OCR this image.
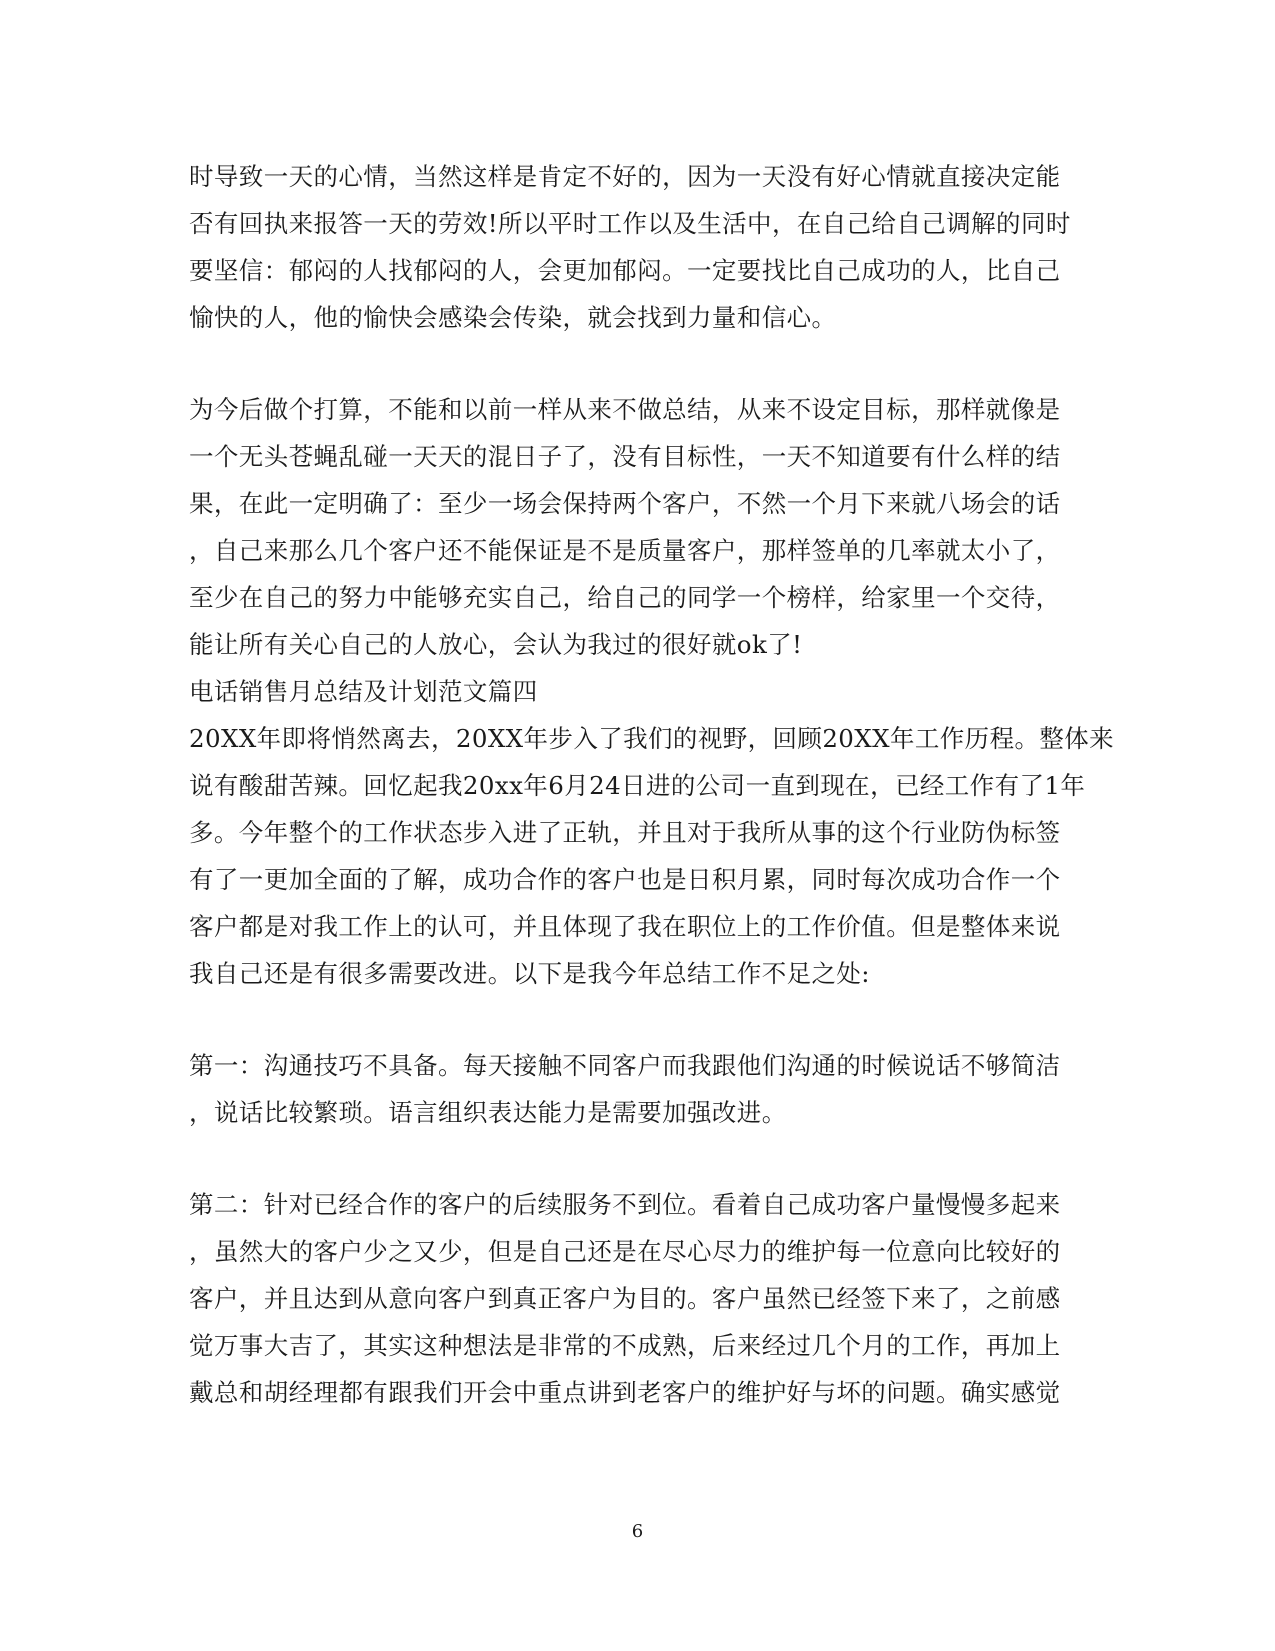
时导致一天的心情，当然这样是肯定不好的，因为一天没有好心情就直接决定能
否有回执来报答一天的劳效!所以平时工作以及生活中，在自己给自己调解的同时
要坚信：郁闷的人找郁闷的人，会更加郁闷。一定要找比自己成功的人，比自己
愉快的人，他的愉快会感染会传染，就会找到力量和信心。
为今后做个打算，不能和以前一样从来不做总结，从来不设定目标，那样就像是
一个无头苍蝇乱碰一天天的混日子了，没有目标性，一天不知道要有什么样的结
果，在此一定明确了：至少一场会保持两个客户，不然一个月下来就八场会的话
，自己来那么几个客户还不能保证是不是质量客户，那样签单的几率就太小了，
至少在自己的努力中能够充实自己，给自己的同学一个榜样，给家里一个交待，
能让所有关心自己的人放心，会认为我过的很好就ok了!
电话销售月总结及计划范文篇四
20XX年即将悄然离去，20XX年步入了我们的视野，回顾20XX年工作历程。整体来
说有酸甜苦辣。回忆起我20xx年6月24日进的公司一直到现在，已经工作有了1年
多。今年整个的工作状态步入进了正轨，并且对于我所从事的这个行业防伪标签
有了一更加全面的了解，成功合作的客户也是日积月累，同时每次成功合作一个
客户都是对我工作上的认可，并且体现了我在职位上的工作价值。但是整体来说
我自己还是有很多需要改进。以下是我今年总结工作不足之处:
第一：沟通技巧不具备。每天接触不同客户而我跟他们沟通的时候说话不够简洁
，说话比较繁琐。语言组织表达能力是需要加强改进。
第二：针对已经合作的客户的后续服务不到位。看着自己成功客户量慢慢多起来
，虽然大的客户少之又少，但是自己还是在尽心尽力的维护每一位意向比较好的
客户，并且达到从意向客户到真正客户为目的。客户虽然已经签下来了，之前感
觉万事大吉了，其实这种想法是非常的不成熟，后来经过几个月的工作，再加上
戴总和胡经理都有跟我们开会中重点讲到老客户的维护好与坏的问题。确实感觉
6
